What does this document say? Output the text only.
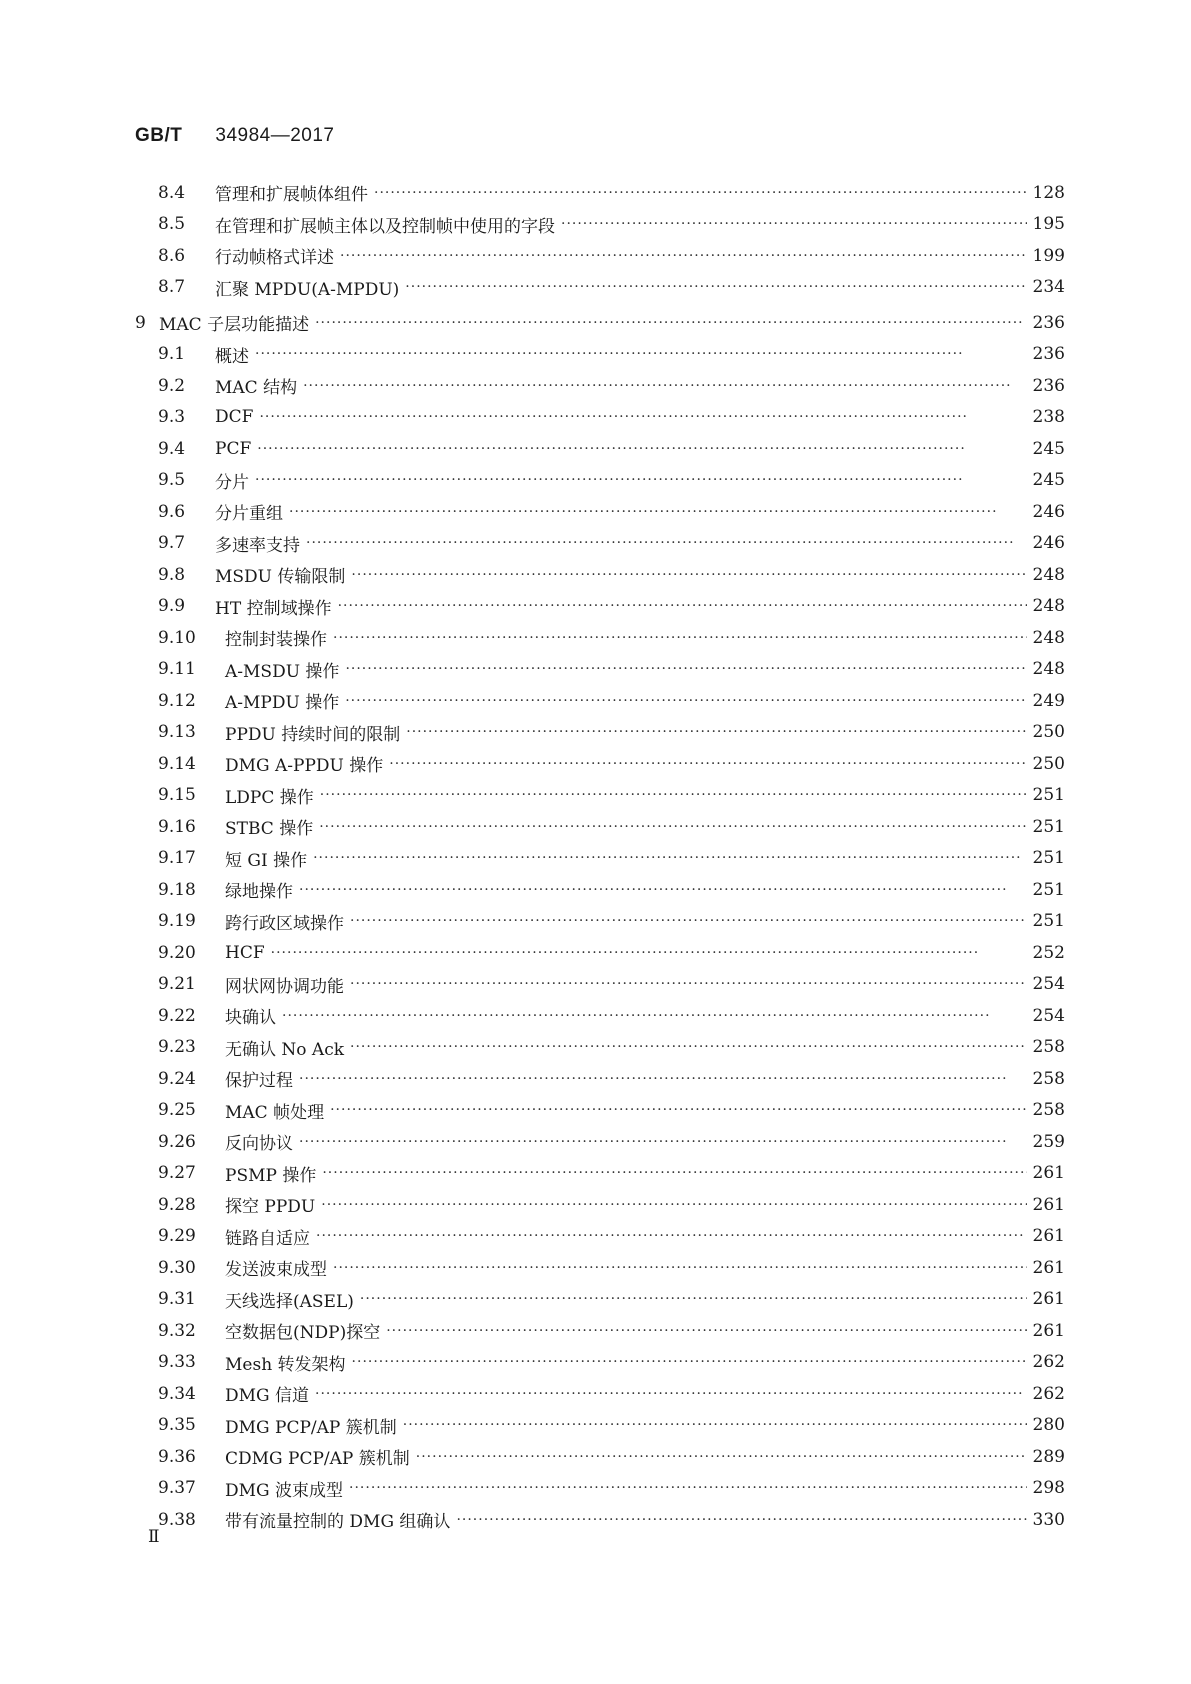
GB/T 34984—2017
8.4	管理和扩展帧体组件 ·····	128
8.5	在管理和扩展帧主体以及控制帧中使用的字段 ·····	195
8.6	行动帧格式详述 ·····	199
8.7	汇聚 MPDU(A-MPDU) ·····	234
9 MAC 子层功能描述 ·····	236
9.1	概述 ·····	236
9.2	MAC 结构 ·····	236
9.3	DCF ·····	238
9.4	PCF ·····	245
9.5	分片 ·····	245
9.6	分片重组 ·····	246
9.7	多速率支持 ·····	246
9.8	MSDU 传输限制 ·····	248
9.9	HT 控制域操作 ·····	248
9.10	控制封装操作 ·····	248
9.11	A-MSDU 操作 ·····	248
9.12	A-MPDU 操作 ·····	249
9.13	PPDU 持续时间的限制 ·····	250
9.14	DMG A-PPDU 操作 ·····	250
9.15	LDPC 操作 ·····	251
9.16	STBC 操作 ·····	251
9.17	短 GI 操作 ·····	251
9.18	绿地操作 ·····	251
9.19	跨行政区域操作 ·····	251
9.20	HCF ·····	252
9.21	网状网协调功能 ·····	254
9.22	块确认 ·····	254
9.23	无确认 No Ack ·····	258
9.24	保护过程 ·····	258
9.25	MAC 帧处理 ·····	258
9.26	反向协议 ·····	259
9.27	PSMP 操作 ·····	261
9.28	探空 PPDU ·····	261
9.29	链路自适应 ·····	261
9.30	发送波束成型 ·····	261
9.31	天线选择(ASEL) ·····	261
9.32	空数据包(NDP)探空 ·····	261
9.33	Mesh 转发架构 ·····	262
9.34	DMG 信道 ·····	262
9.35	DMG PCP/AP 簇机制 ·····	280
9.36	CDMG PCP/AP 簇机制 ·····	289
9.37	DMG 波束成型 ·····	298
9.38	带有流量控制的 DMG 组确认 ·····	330
Ⅱ
